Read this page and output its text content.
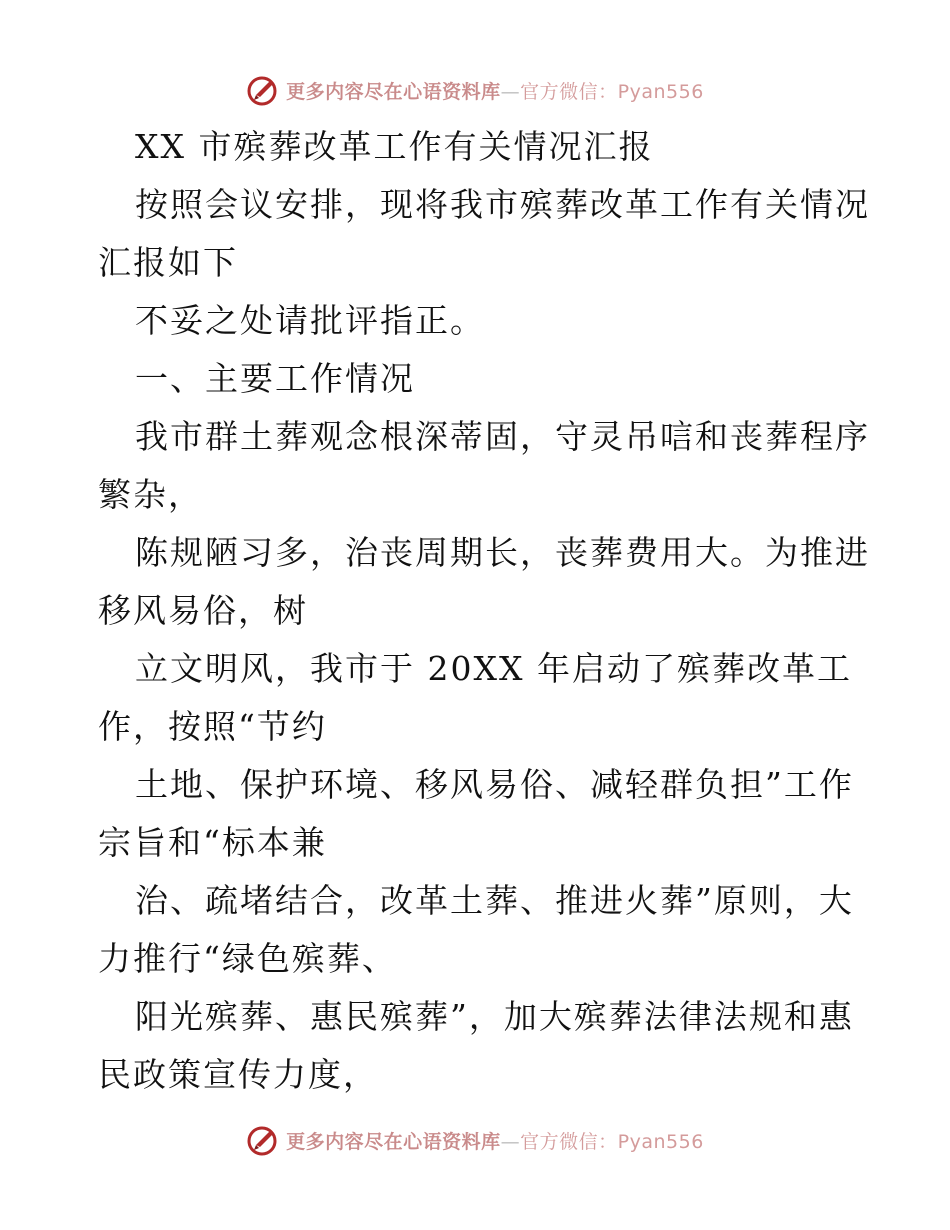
更多内容尽在心语资料库—官方微信：Pyan556
XX 市殡葬改革工作有关情况汇报
按照会议安排，现将我市殡葬改革工作有关情况
汇报如下
不妥之处请批评指正。
一、主要工作情况
我市群土葬观念根深蒂固，守灵吊唁和丧葬程序
繁杂，
陈规陋习多，治丧周期长，丧葬费用大。为推进
移风易俗，树
立文明风，我市于 20XX 年启动了殡葬改革工
作，按照“节约
土地、保护环境、移风易俗、减轻群负担”工作
宗旨和“标本兼
治、疏堵结合，改革土葬、推进火葬”原则，大
力推行“绿色殡葬、
阳光殡葬、惠民殡葬”，加大殡葬法律法规和惠
民政策宣传力度，
更多内容尽在心语资料库—官方微信：Pyan556
